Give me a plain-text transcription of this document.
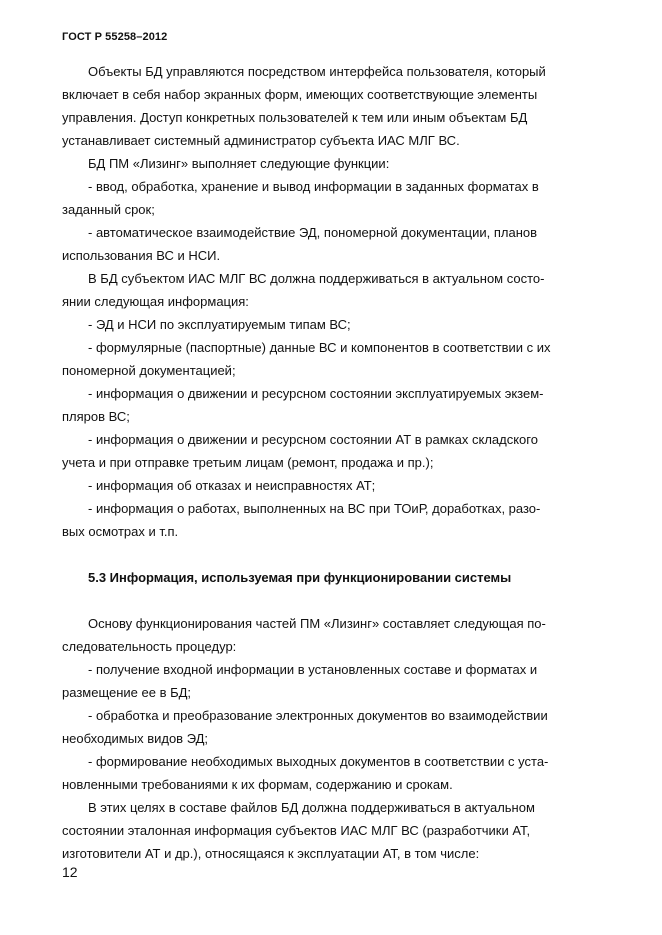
ГОСТ Р 55258–2012
Объекты БД управляются посредством интерфейса пользователя, который
включает в себя набор экранных форм, имеющих соответствующие элементы
управления. Доступ конкретных пользователей к тем или иным объектам БД
устанавливает системный администратор субъекта ИАС МЛГ ВС.
БД ПМ «Лизинг» выполняет следующие функции:
- ввод, обработка, хранение и вывод информации в заданных форматах в
заданный срок;
- автоматическое взаимодействие ЭД, пономерной документации, планов
использования ВС и НСИ.
В БД субъектом ИАС МЛГ ВС должна поддерживаться в актуальном состо-
янии следующая информация:
- ЭД и НСИ по эксплуатируемым типам ВС;
- формулярные (паспортные) данные ВС и компонентов в соответствии с их
пономерной документацией;
- информация о движении и ресурсном состоянии эксплуатируемых экзем-
пляров ВС;
- информация о движении и ресурсном состоянии АТ в рамках складского
учета и при отправке третьим лицам (ремонт, продажа и пр.);
- информация об отказах и неисправностях АТ;
- информация о работах, выполненных на ВС при ТОиР, доработках, разо-
вых осмотрах и т.п.
5.3 Информация, используемая при функционировании системы
Основу функционирования частей ПМ «Лизинг» составляет следующая по-
следовательность процедур:
- получение входной информации в установленных составе и форматах и
размещение ее в БД;
- обработка и преобразование электронных документов во взаимодействии
необходимых видов ЭД;
- формирование необходимых выходных документов в соответствии с уста-
новленными требованиями к их формам, содержанию и срокам.
В этих целях в составе файлов БД должна поддерживаться в актуальном
состоянии эталонная информация субъектов ИАС МЛГ ВС (разработчики АТ,
изготовители АТ и др.), относящаяся к эксплуатации АТ, в том числе:
12
